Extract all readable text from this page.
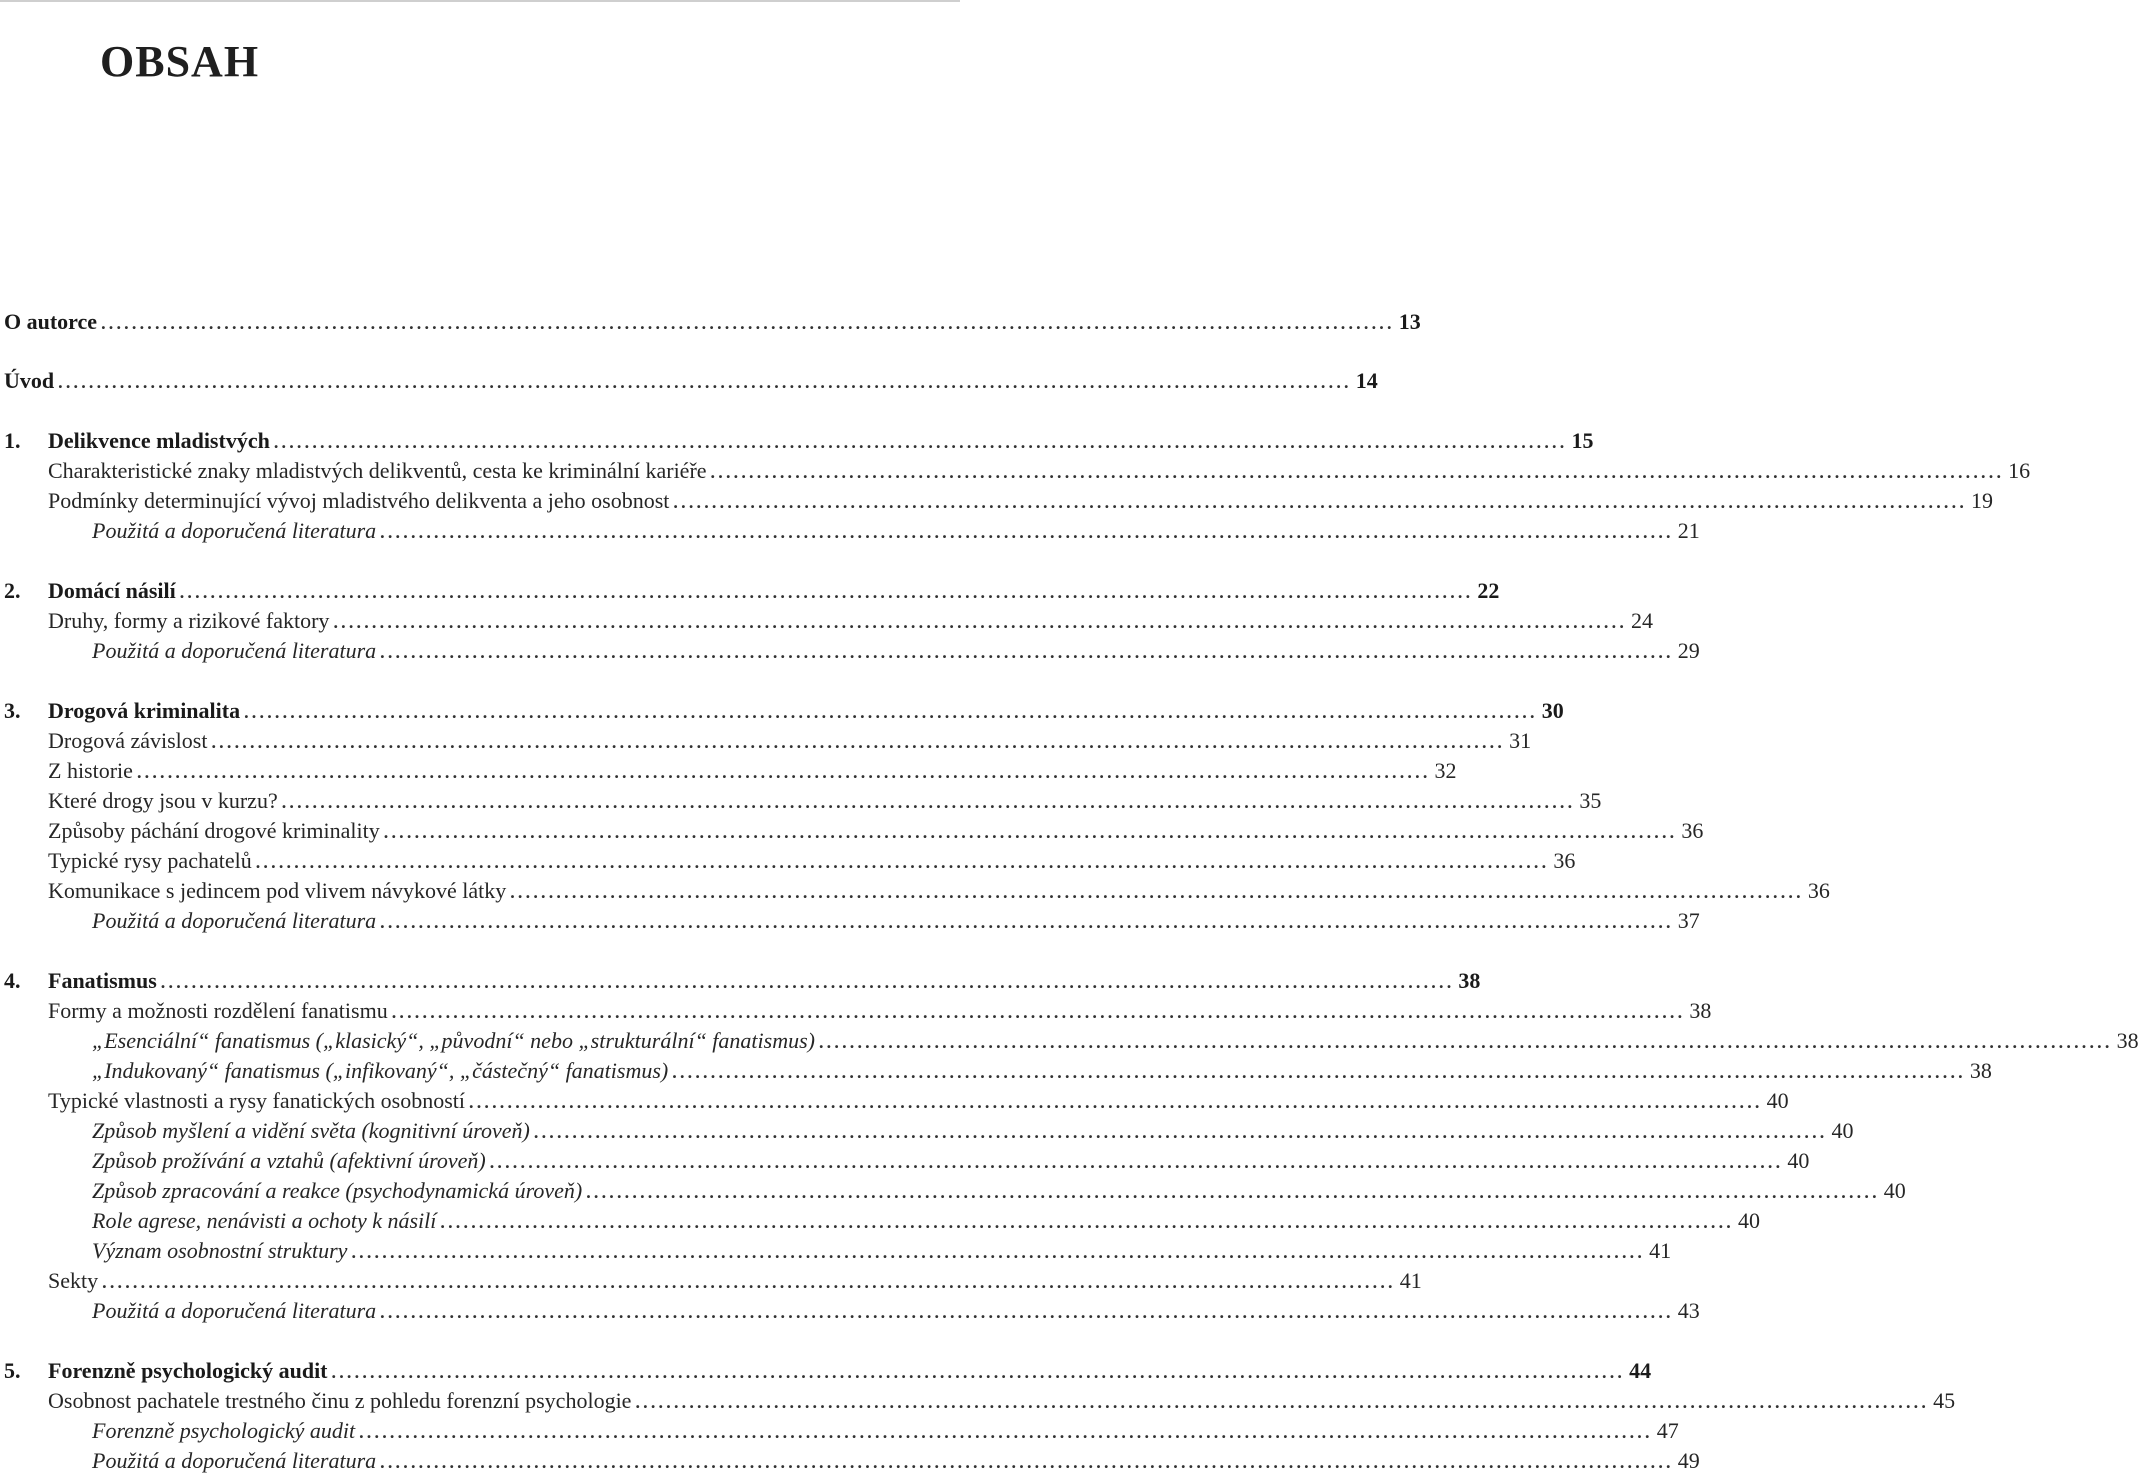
OBSAH
O autorce ........................................................................................................................................................................ 13
Úvod ........................................................................................................................................................................ 14
1.	Delikvence mladistvých ........................................................................................................................................................................ 15
Charakteristické znaky mladistvých delikventů, cesta ke kriminální kariéře ........................................................................................................................................................................ 16
Podmínky determinující vývoj mladistvého delikventa a jeho osobnost ........................................................................................................................................................................ 19
Použitá a doporučená literatura ........................................................................................................................................................................ 21
2.	Domácí násilí ........................................................................................................................................................................ 22
Druhy, formy a rizikové faktory ........................................................................................................................................................................ 24
Použitá a doporučená literatura ........................................................................................................................................................................ 29
3.	Drogová kriminalita ........................................................................................................................................................................ 30
Drogová závislost ........................................................................................................................................................................ 31
Z historie ........................................................................................................................................................................ 32
Které drogy jsou v kurzu? ........................................................................................................................................................................ 35
Způsoby páchání drogové kriminality ........................................................................................................................................................................ 36
Typické rysy pachatelů ........................................................................................................................................................................ 36
Komunikace s jedincem pod vlivem návykové látky ........................................................................................................................................................................ 36
Použitá a doporučená literatura ........................................................................................................................................................................ 37
4.	Fanatismus ........................................................................................................................................................................ 38
Formy a možnosti rozdělení fanatismu ........................................................................................................................................................................ 38
„Esenciální“ fanatismus („klasický“, „původní“ nebo „strukturální“ fanatismus) ........................................................................................................................................................................ 38
„Indukovaný“ fanatismus („infikovaný“, „částečný“ fanatismus) ........................................................................................................................................................................ 38
Typické vlastnosti a rysy fanatických osobností ........................................................................................................................................................................ 40
Způsob myšlení a vidění světa (kognitivní úroveň) ........................................................................................................................................................................ 40
Způsob prožívání a vztahů (afektivní úroveň) ........................................................................................................................................................................ 40
Způsob zpracování a reakce (psychodynamická úroveň) ........................................................................................................................................................................ 40
Role agrese, nenávisti a ochoty k násilí ........................................................................................................................................................................ 40
Význam osobnostní struktury ........................................................................................................................................................................ 41
Sekty ........................................................................................................................................................................ 41
Použitá a doporučená literatura ........................................................................................................................................................................ 43
5.	Forenzně psychologický audit ........................................................................................................................................................................ 44
Osobnost pachatele trestného činu z pohledu forenzní psychologie ........................................................................................................................................................................ 45
Forenzně psychologický audit ........................................................................................................................................................................ 47
Použitá a doporučená literatura ........................................................................................................................................................................ 49
